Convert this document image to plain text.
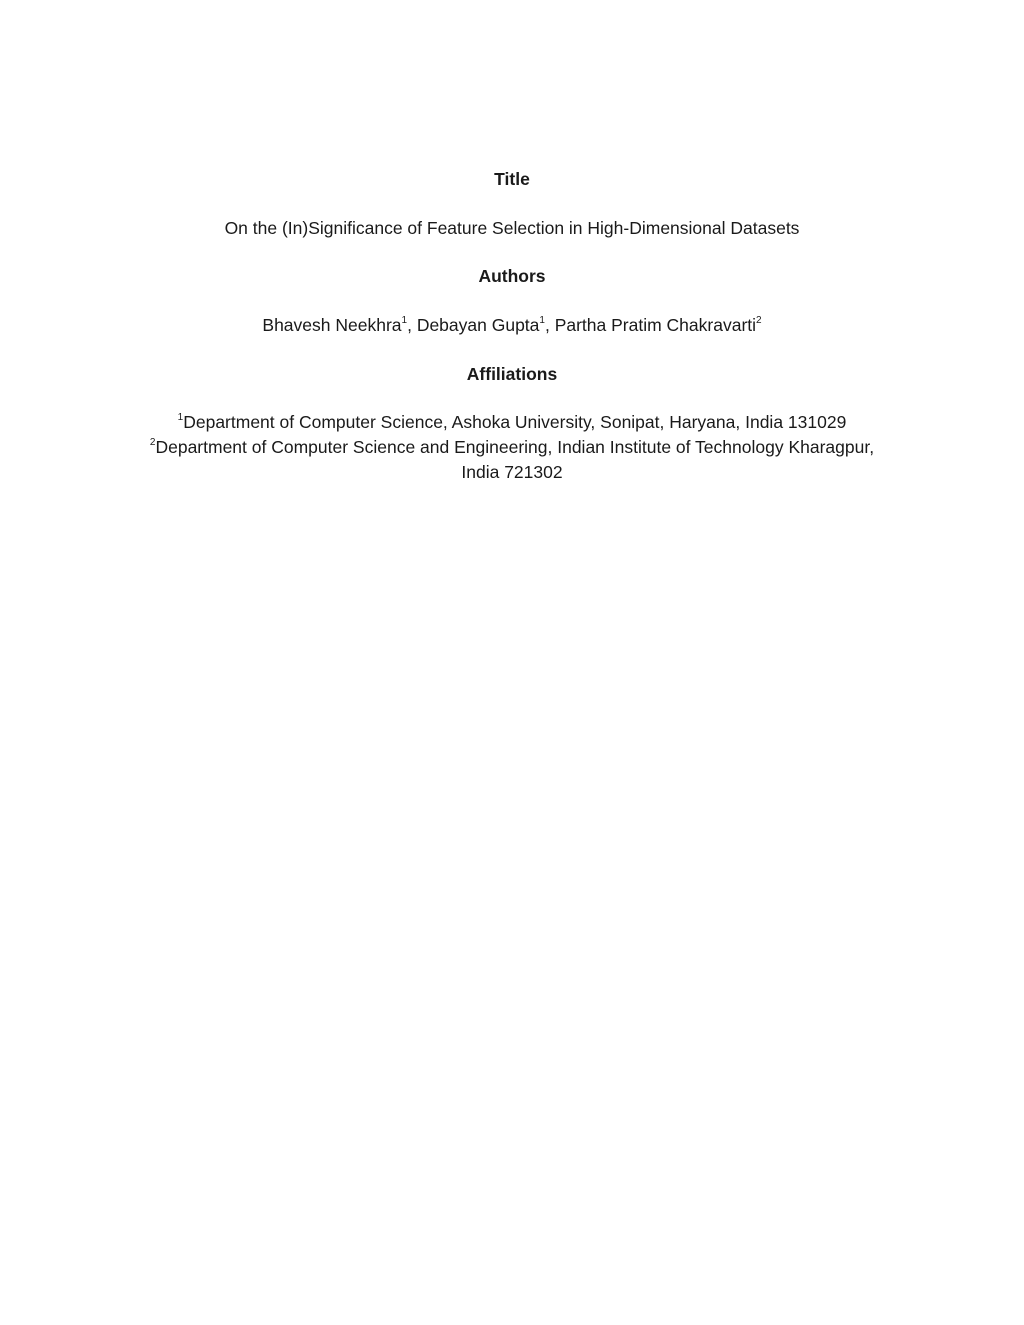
Title
On the (In)Significance of Feature Selection in High-Dimensional Datasets
Authors
Bhavesh Neekhra$^1$, Debayan Gupta$^1$, Partha Pratim Chakravarti$^2$
Affiliations
$^1$Department of Computer Science, Ashoka University, Sonipat, Haryana, India 131029
$^2$Department of Computer Science and Engineering, Indian Institute of Technology Kharagpur,
India 721302
